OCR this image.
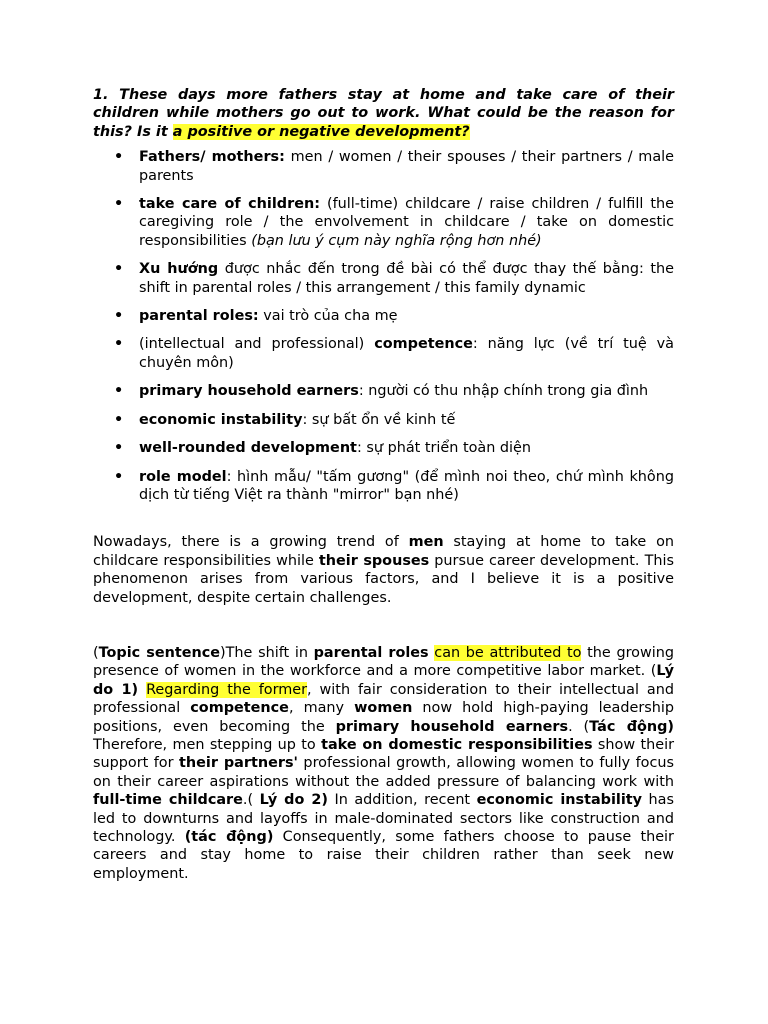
1. These days more fathers stay at home and take care of their children while mothers go out to work. What could be the reason for this? Is it a positive or negative development?

• Fathers/ mothers: men / women / their spouses / their partners / male parents
• take care of children: (full-time) childcare / raise children / fulfill the caregiving role / the envolvement in childcare / take on domestic responsibilities (bạn lưu ý cụm này nghĩa rộng hơn nhé)
• Xu hướng được nhắc đến trong đề bài có thể được thay thế bằng: the shift in parental roles / this arrangement / this family dynamic
• parental roles: vai trò của cha mẹ
• (intellectual and professional) competence: năng lực (về trí tuệ và chuyên môn)
• primary household earners: người có thu nhập chính trong gia đình
• economic instability: sự bất ổn về kinh tế
• well-rounded development: sự phát triển toàn diện
• role model: hình mẫu/ "tấm gương" (để mình noi theo, chứ mình không dịch từ tiếng Việt ra thành "mirror" bạn nhé)

Nowadays, there is a growing trend of men staying at home to take on childcare responsibilities while their spouses pursue career development. This phenomenon arises from various factors, and I believe it is a positive development, despite certain challenges.

(Topic sentence)The shift in parental roles can be attributed to the growing presence of women in the workforce and a more competitive labor market. (Lý do 1) Regarding the former, with fair consideration to their intellectual and professional competence, many women now hold high-paying leadership positions, even becoming the primary household earners. (Tác động) Therefore, men stepping up to take on domestic responsibilities show their support for their partners' professional growth, allowing women to fully focus on their career aspirations without the added pressure of balancing work with full-time childcare.( Lý do 2) In addition, recent economic instability has led to downturns and layoffs in male-dominated sectors like construction and technology. (tác động) Consequently, some fathers choose to pause their careers and stay home to raise their children rather than seek new employment.
